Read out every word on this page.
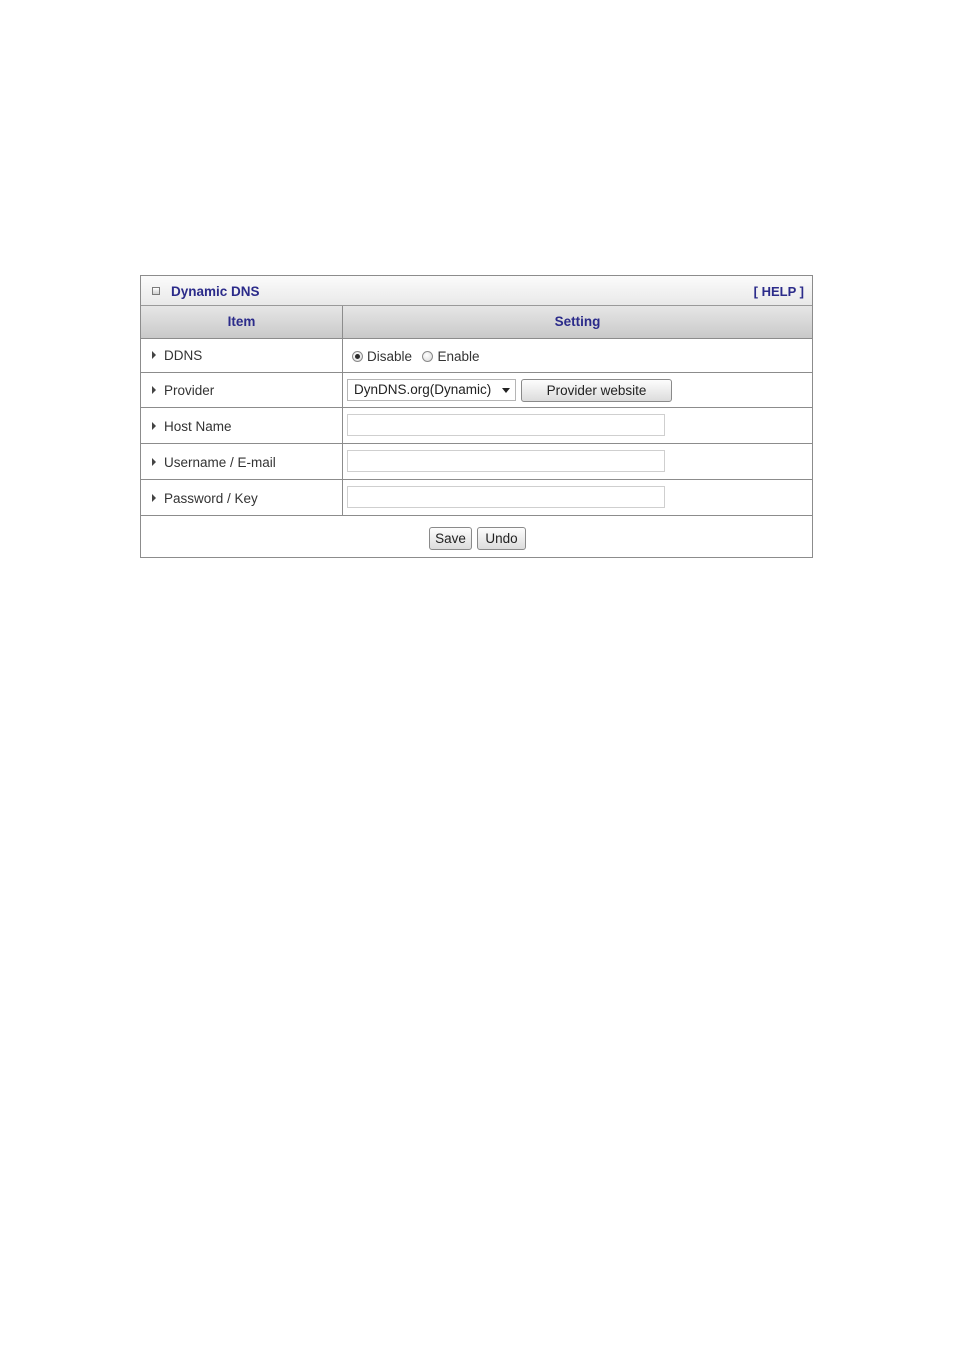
Dynamic DNS	[ HELP ]
Item	Setting
DDNS	Disable Enable
Provider	DynDNS.org(Dynamic)	Provider website
Host Name
Username / E-mail
Password / Key
Save	Undo
